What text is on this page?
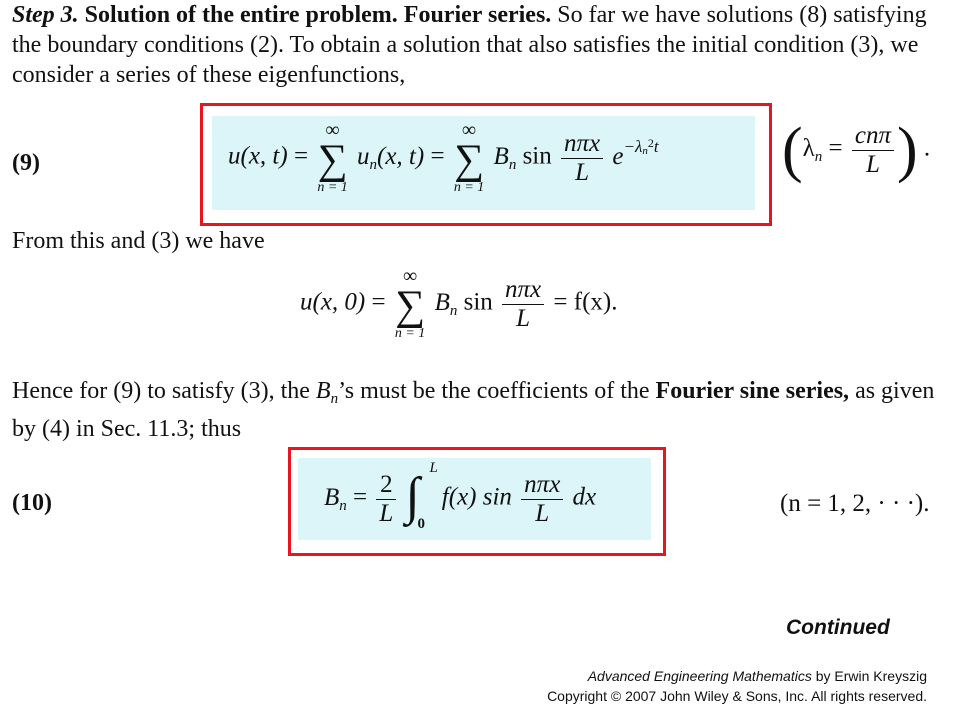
Step 3. Solution of the entire problem. Fourier series. So far we have solutions (8) satisfying the boundary conditions (2). To obtain a solution that also satisfies the initial condition (3), we consider a series of these eigenfunctions,

(9)	u(x, t) =
∞
∑
n = 1
$u_n(x$, t) =
∞
∑
n = 1
$B_n$ $\sin \frac{\text{nπx}}{L} e^{-\lambda n^2t}$ ($\lambda_n = \frac{\text{cnπ}}{L}$ ) .

From this and (3) we have

u(x, 0) =
∞
∑
n = 1
$B_n$ $\sin \frac{\text{nπx}}{L} = f(x)$.

Hence for (9) to satisfy (3), the $B_n’s$ must be the coefficients of the Fourier sine series, as given by (4) in Sec. 11.3; thus

(10)	$B_n = \frac{2}{L}$
∫ L
0
f(x) $\sin \frac{\text{nπx}}{L}$ dx	(n = 1, 2, · · ·).
Continued
Advanced Engineering Mathematics by Erwin Kreyszig
Copyright © 2007 John Wiley & Sons, Inc. All rights reserved.
